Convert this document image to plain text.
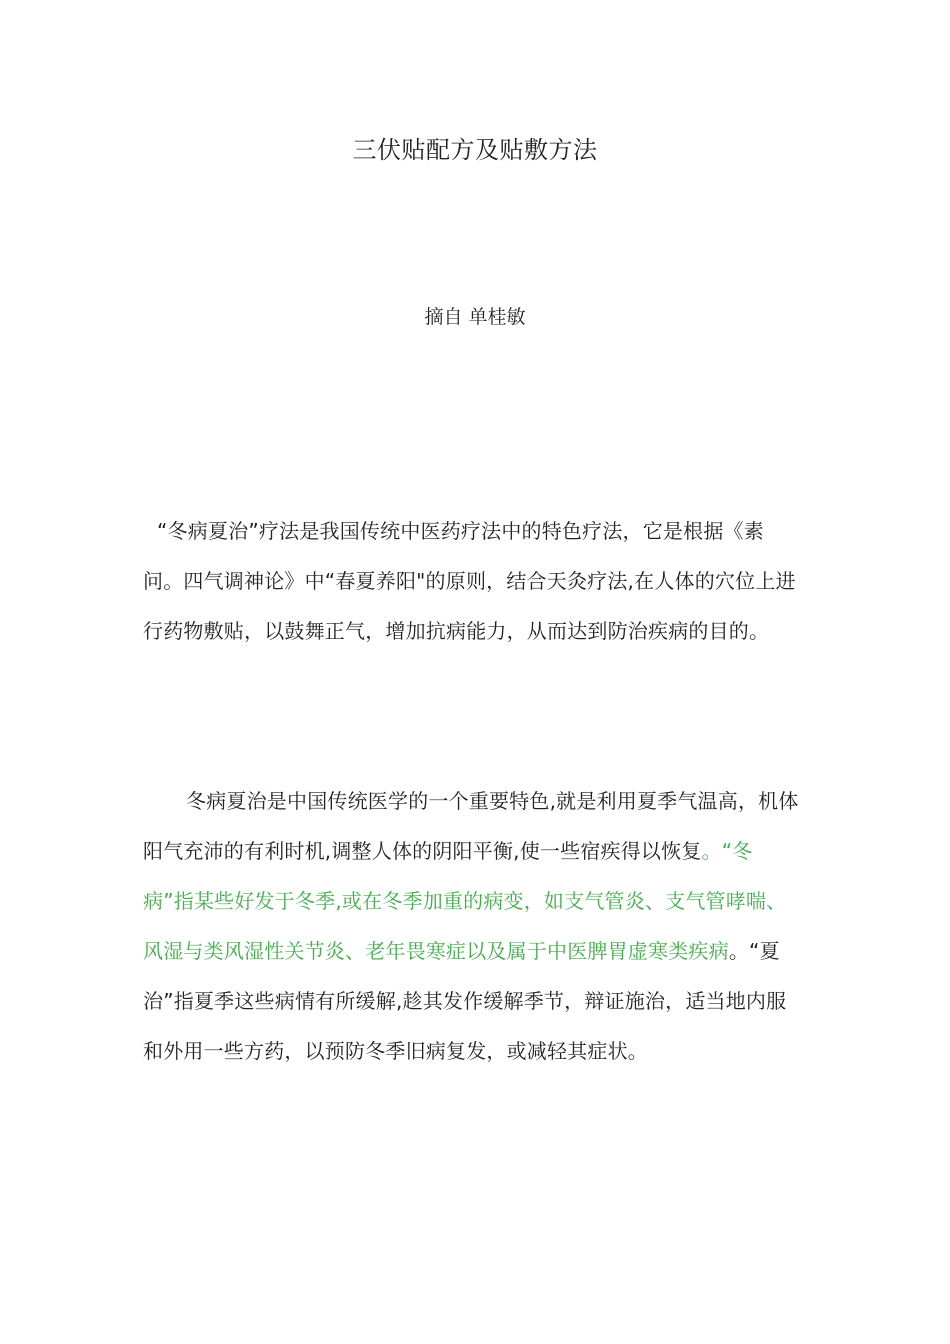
三伏贴配方及贴敷方法

摘自 单桂敏

“冬病夏治”疗法是我国传统中医药疗法中的特色疗法，它是根据《素问。四气调神论》中“春夏养阳"的原则，结合天灸疗法,在人体的穴位上进行药物敷贴，以鼓舞正气，增加抗病能力，从而达到防治疾病的目的。

冬病夏治是中国传统医学的一个重要特色,就是利用夏季气温高，机体阳气充沛的有利时机,调整人体的阴阳平衡,使一些宿疾得以恢复。“冬病”指某些好发于冬季,或在冬季加重的病变，如支气管炎、支气管哮喘、风湿与类风湿性关节炎、老年畏寒症以及属于中医脾胃虚寒类疾病。“夏治”指夏季这些病情有所缓解,趁其发作缓解季节，辩证施治，适当地内服和外用一些方药，以预防冬季旧病复发，或减轻其症状。
